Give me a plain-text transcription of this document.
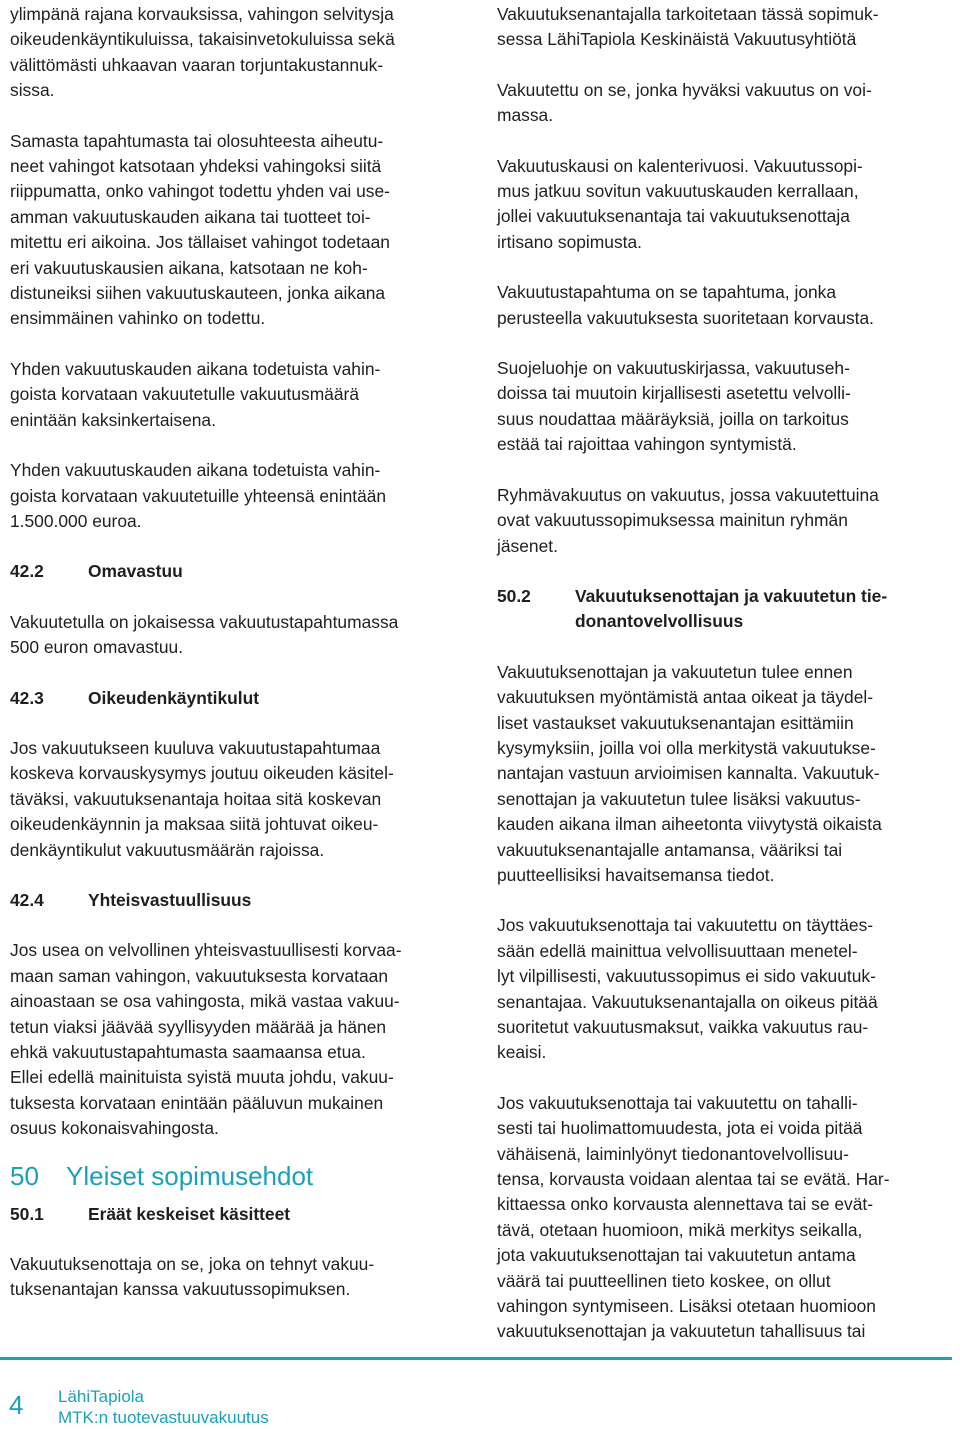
ylimpänä rajana korvauksissa, vahingon selvitysja
oikeudenkäyntikuluissa, takaisinvetokuluissa sekä
välittömästi uhkaavan vaaran torjuntakustannuk-
sissa.

Samasta tapahtumasta tai olosuhteesta aiheutu-
neet vahingot katsotaan yhdeksi vahingoksi siitä
riippumatta, onko vahingot todettu yhden vai use-
amman vakuutuskauden aikana tai tuotteet toi-
mitettu eri aikoina. Jos tällaiset vahingot todetaan
eri vakuutuskausien aikana, katsotaan ne koh-
distuneiksi siihen vakuutuskauteen, jonka aikana
ensimmäinen vahinko on todettu.

Yhden vakuutuskauden aikana todetuista vahin-
goista korvataan vakuutetulle vakuutusmäärä
enintään kaksinkertaisena.

Yhden vakuutuskauden aikana todetuista vahin-
goista korvataan vakuutetuille yhteensä enintään
1.500.000 euroa.

42.2	Omavastuu

Vakuutetulla on jokaisessa vakuutustapahtumassa
500 euron omavastuu.

42.3	Oikeudenkäyntikulut

Jos vakuutukseen kuuluva vakuutustapahtumaa
koskeva korvauskysymys joutuu oikeuden käsitel-
täväksi, vakuutuksenantaja hoitaa sitä koskevan
oikeudenkäynnin ja maksaa siitä johtuvat oikeu-
denkäyntikulut vakuutusmäärän rajoissa.

42.4	Yhteisvastuullisuus

Jos usea on velvollinen yhteisvastuullisesti korvaa-
maan saman vahingon, vakuutuksesta korvataan
ainoastaan se osa vahingosta, mikä vastaa vakuu-
tetun viaksi jäävää syyllisyyden määrää ja hänen
ehkä vakuutustapahtumasta saamaansa etua.
Ellei edellä mainituista syistä muuta johdu, vakuu-
tuksesta korvataan enintään pääluvun mukainen
osuus kokonaisvahingosta.

50	Yleiset sopimusehdot
50.1	Eräät keskeiset käsitteet

Vakuutuksenottaja on se, joka on tehnyt vakuu-
tuksenantajan kanssa vakuutussopimuksen.

Vakuutuksenantajalla tarkoitetaan tässä sopimuk-
sessa LähiTapiola Keskinäistä Vakuutusyhtiötä

Vakuutettu on se, jonka hyväksi vakuutus on voi-
massa.

Vakuutuskausi on kalenterivuosi. Vakuutussopi-
mus jatkuu sovitun vakuutuskauden kerrallaan,
jollei vakuutuksenantaja tai vakuutuksenottaja
irtisano sopimusta.

Vakuutustapahtuma on se tapahtuma, jonka
perusteella vakuutuksesta suoritetaan korvausta.

Suojeluohje on vakuutuskirjassa, vakuutuseh-
doissa tai muutoin kirjallisesti asetettu velvolli-
suus noudattaa määräyksiä, joilla on tarkoitus
estää tai rajoittaa vahingon syntymistä.

Ryhmävakuutus on vakuutus, jossa vakuutettuina
ovat vakuutussopimuksessa mainitun ryhmän
jäsenet.

50.2	Vakuutuksenottajan ja vakuutetun tie-
donantovelvollisuus

Vakuutuksenottajan ja vakuutetun tulee ennen
vakuutuksen myöntämistä antaa oikeat ja täydel-
liset vastaukset vakuutuksenantajan esittämiin
kysymyksiin, joilla voi olla merkitystä vakuutukse-
nantajan vastuun arvioimisen kannalta. Vakuutuk-
senottajan ja vakuutetun tulee lisäksi vakuutus-
kauden aikana ilman aiheetonta viivytystä oikaista
vakuutuksenantajalle antamansa, vääriksi tai
puutteellisiksi havaitsemansa tiedot.

Jos vakuutuksenottaja tai vakuutettu on täyttäes-
sään edellä mainittua velvollisuuttaan menetel-
lyt vilpillisesti, vakuutussopimus ei sido vakuutuk-
senantajaa. Vakuutuksenantajalla on oikeus pitää
suoritetut vakuutusmaksut, vaikka vakuutus rau-
keaisi.

Jos vakuutuksenottaja tai vakuutettu on tahalli-
sesti tai huolimattomuudesta, jota ei voida pitää
vähäisenä, laiminlyönyt tiedonantovelvollisuu-
tensa, korvausta voidaan alentaa tai se evätä. Har-
kittaessa onko korvausta alennettava tai se evät-
tävä, otetaan huomioon, mikä merkitys seikalla,
jota vakuutuksenottajan tai vakuutetun antama
väärä tai puutteellinen tieto koskee, on ollut
vahingon syntymiseen. Lisäksi otetaan huomioon
vakuutuksenottajan ja vakuutetun tahallisuus tai

4 LähiTapiola
MTK:n tuotevastuuvakuutus
